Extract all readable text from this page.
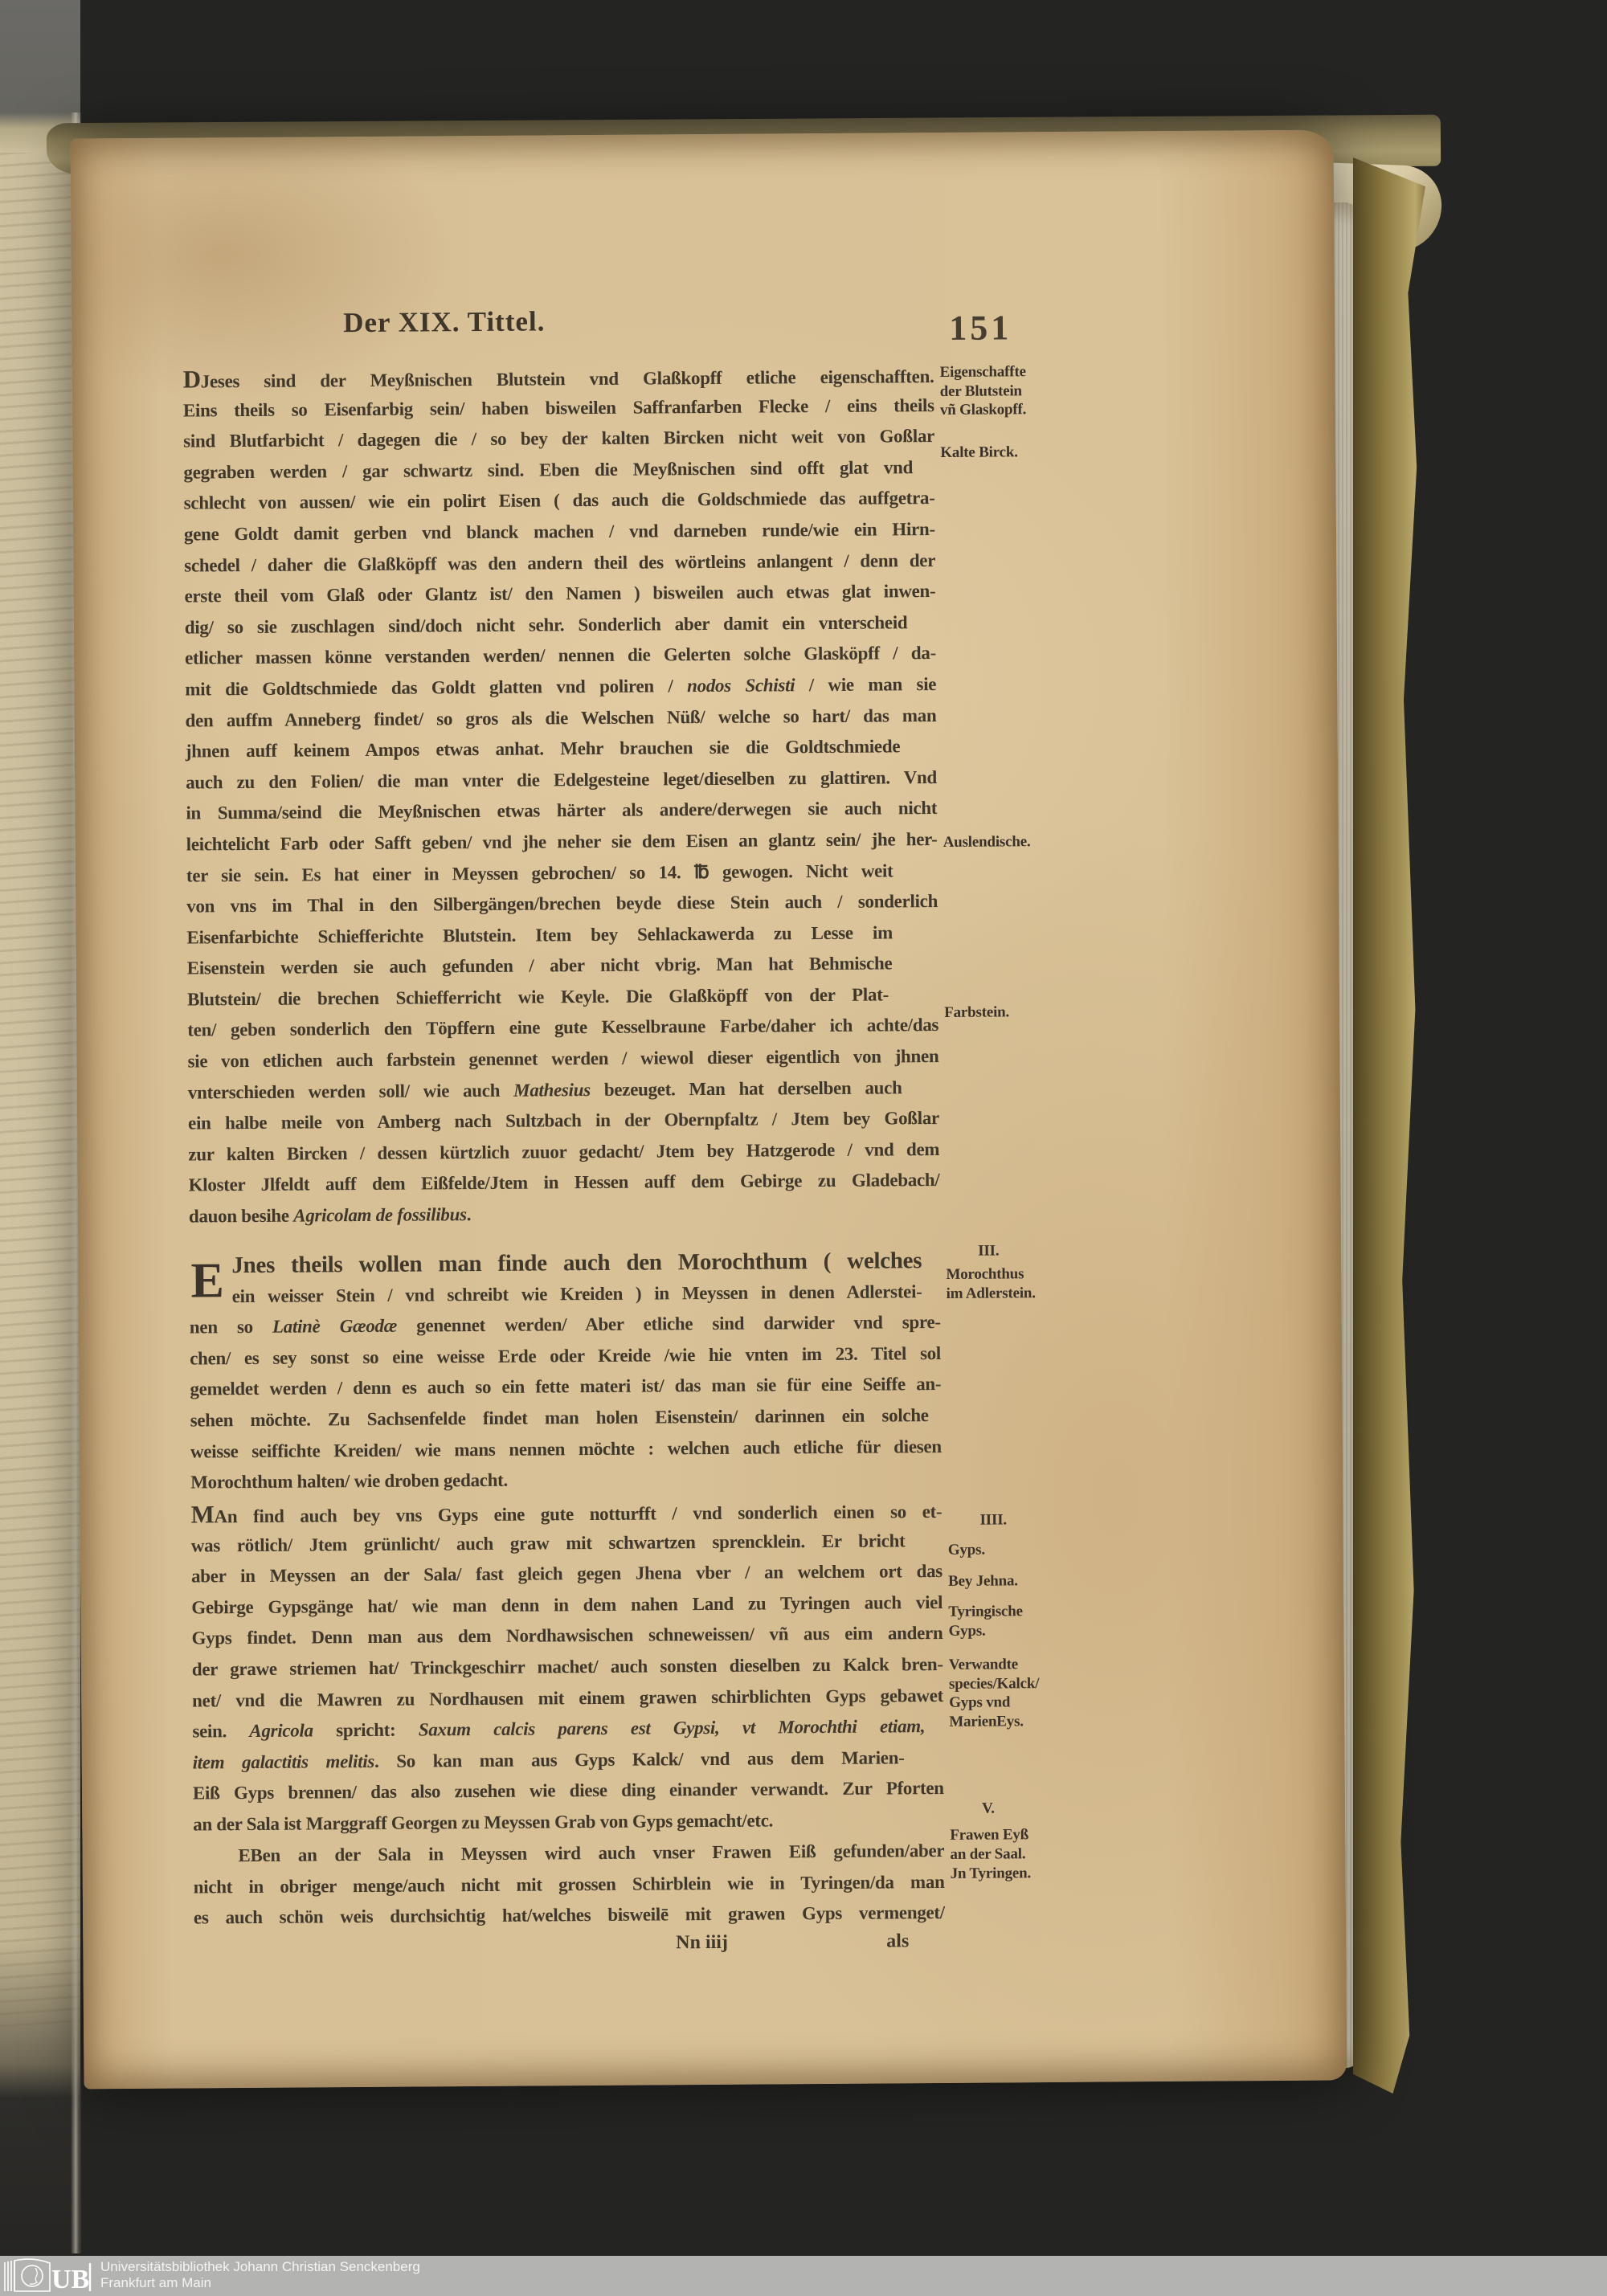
Der XIX. Tittel.	151
DJeses sind der Meyßnischen Blutstein vnd Glaßkopff etliche eigenschafften.
Eins theils so Eisenfarbig sein/ haben bisweilen Saffranfarben Flecke / eins theils
sind Blutfarbicht / dagegen die / so bey der kalten Bircken nicht weit von Goßlar
gegraben werden / gar schwartz sind. Eben die Meyßnischen sind offt glat vnd
schlecht von aussen/ wie ein polirt Eisen ( das auch die Goldschmiede das auffgetra-
gene Goldt damit gerben vnd blanck machen / vnd darneben runde/wie ein Hirn-
schedel / daher die Glaßköpff was den andern theil des wörtleins anlangent / denn der
erste theil vom Glaß oder Glantz ist/ den Namen ) bisweilen auch etwas glat inwen-
dig/ so sie zuschlagen sind/doch nicht sehr. Sonderlich aber damit ein vnterscheid
etlicher massen könne verstanden werden/ nennen die Gelerten solche Glasköpff / da-
mit die Goldtschmiede das Goldt glatten vnd poliren / nodos Schisti / wie man sie
den auffm Anneberg findet/ so gros als die Welschen Nüß/ welche so hart/ das man
jhnen auff keinem Ampos etwas anhat. Mehr brauchen sie die Goldtschmiede
auch zu den Folien/ die man vnter die Edelgesteine leget/dieselben zu glattiren. Vnd
in Summa/seind die Meyßnischen etwas härter als andere/derwegen sie auch nicht
leichtelicht Farb oder Safft geben/ vnd jhe neher sie dem Eisen an glantz sein/ jhe her-
ter sie sein. Es hat einer in Meyssen gebrochen/ so 14. ℔ gewogen. Nicht weit
von vns im Thal in den Silbergängen/brechen beyde diese Stein auch / sonderlich
Eisenfarbichte Schiefferichte Blutstein. Item bey Sehlackawerda zu Lesse im
Eisenstein werden sie auch gefunden / aber nicht vbrig. Man hat Behmische
Blutstein/ die brechen Schiefferricht wie Keyle. Die Glaßköpff von der Plat-
ten/ geben sonderlich den Töpffern eine gute Kesselbraune Farbe/daher ich achte/das
sie von etlichen auch farbstein genennet werden / wiewol dieser eigentlich von jhnen
vnterschieden werden soll/ wie auch Mathesius bezeuget. Man hat derselben auch
ein halbe meile von Amberg nach Sultzbach in der Obernpfaltz / Jtem bey Goßlar
zur kalten Bircken / dessen kürtzlich zuuor gedacht/ Jtem bey Hatzgerode / vnd dem
Kloster Jlfeldt auff dem Eißfelde/Jtem in Hessen auff dem Gebirge zu Gladebach/
dauon besihe Agricolam de fossilibus.
E Jnes theils wollen man finde auch den Morochthum ( welches
ein weisser Stein / vnd schreibt wie Kreiden ) in Meyssen in denen Adlerstei-
nen so Latinè Gæodæ genennet werden/ Aber etliche sind darwider vnd spre-
chen/ es sey sonst so eine weisse Erde oder Kreide /wie hie vnten im 23. Titel sol
gemeldet werden / denn es auch so ein fette materi ist/ das man sie für eine Seiffe an-
sehen möchte. Zu Sachsenfelde findet man holen Eisenstein/ darinnen ein solche
weisse seiffichte Kreiden/ wie mans nennen möchte : welchen auch etliche für diesen
Morochthum halten/ wie droben gedacht.
MAn find auch bey vns Gyps eine gute notturfft / vnd sonderlich einen so et-
was rötlich/ Jtem grünlicht/ auch graw mit schwartzen sprencklein. Er bricht
aber in Meyssen an der Sala/ fast gleich gegen Jhena vber / an welchem ort das
Gebirge Gypsgänge hat/ wie man denn in dem nahen Land zu Tyringen auch viel
Gyps findet. Denn man aus dem Nordhawsischen schneweissen/ vñ aus eim andern
der grawe striemen hat/ Trinckgeschirr machet/ auch sonsten dieselben zu Kalck bren-
net/ vnd die Mawren zu Nordhausen mit einem grawen schirblichten Gyps gebawet
sein. Agricola spricht: Saxum calcis parens est Gypsi, vt Morochthi etiam,
item galactitis melitis. So kan man aus Gyps Kalck/ vnd aus dem Marien-
Eiß Gyps brennen/ das also zusehen wie diese ding einander verwandt. Zur Pforten
an der Sala ist Marggraff Georgen zu Meyssen Grab von Gyps gemacht/etc.
EBen an der Sala in Meyssen wird auch vnser Frawen Eiß gefunden/aber
nicht in obriger menge/auch nicht mit grossen Schirblein wie in Tyringen/da man
es auch schön weis durchsichtig hat/welches bisweilē mit grawen Gyps vermenget/
Eigenschaffte
der Blutstein
vñ Glaskopff.
Kalte Birck.
Auslendische.
Farbstein.
III.
Morochthus
im Adlerstein.
IIII.
Gyps.
Bey Jehna.
Tyringische
Gyps.
Verwandte
species/Kalck/
Gyps vnd
MarienEys.
V.
Frawen Eyß
an der Saal.
Jn Tyringen.
Nn iiij	als
UB Universitätsbibliothek Johann Christian Senckenberg
Frankfurt am Main
